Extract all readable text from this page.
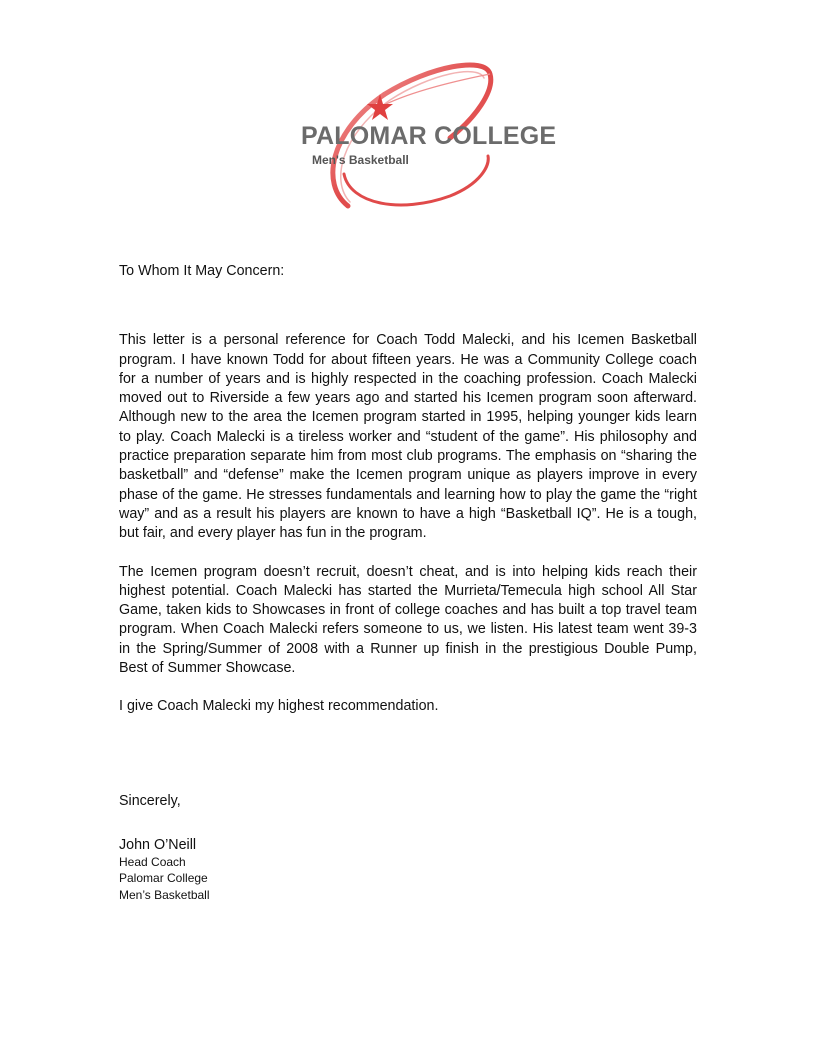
PALOMAR COLLEGE
Men's Basketball

To Whom It May Concern:

This letter is a personal reference for Coach Todd Malecki, and his Icemen Basketball program. I have known Todd for about fifteen years. He was a Community College coach for a number of years and is highly respected in the coaching profession. Coach Malecki moved out to Riverside a few years ago and started his Icemen program soon afterward. Although new to the area the Icemen program started in 1995, helping younger kids learn to play. Coach Malecki is a tireless worker and “student of the game”. His philosophy and practice preparation separate him from most club programs. The emphasis on “sharing the basketball” and “defense” make the Icemen program unique as players improve in every phase of the game. He stresses fundamentals and learning how to play the game the “right way” and as a result his players are known to have a high “Basketball IQ”. He is a tough, but fair, and every player has fun in the program.

The Icemen program doesn’t recruit, doesn’t cheat, and is into helping kids reach their highest potential. Coach Malecki has started the Murrieta/Temecula high school All Star Game, taken kids to Showcases in front of college coaches and has built a top travel team program. When Coach Malecki refers someone to us, we listen. His latest team went 39-3 in the Spring/Summer of 2008 with a Runner up finish in the prestigious Double Pump, Best of Summer Showcase.

I give Coach Malecki my highest recommendation.

Sincerely,

John O’Neill

Head Coach

Palomar College

Men’s Basketball
